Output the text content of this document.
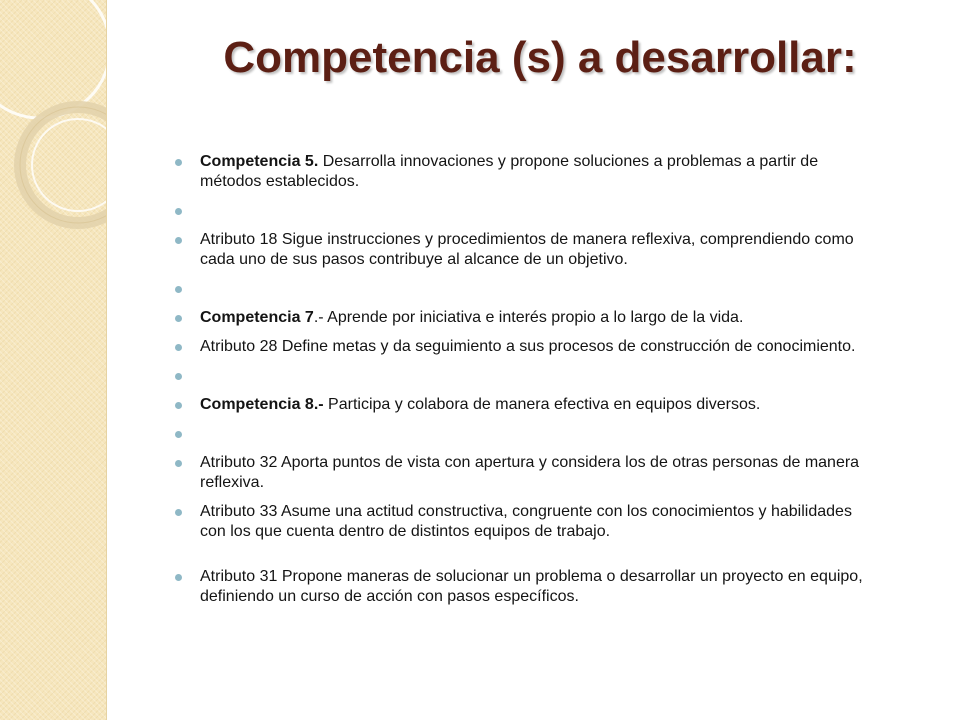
Competencia (s) a desarrollar:
Competencia 5. Desarrolla innovaciones y propone soluciones a problemas a partir de métodos establecidos.
Atributo 18 Sigue instrucciones y procedimientos de manera reflexiva, comprendiendo como cada uno de sus pasos contribuye al alcance de un objetivo.
Competencia 7.- Aprende por iniciativa e interés propio a lo largo de la vida.
Atributo 28 Define metas y da seguimiento a sus procesos de construcción de conocimiento.
Competencia 8.- Participa y colabora de manera efectiva en equipos diversos.
Atributo 32 Aporta puntos de vista con apertura y considera los de otras personas de manera reflexiva.
Atributo 33 Asume una actitud constructiva, congruente con los conocimientos y habilidades con los que cuenta dentro de distintos equipos de trabajo.
Atributo 31 Propone maneras de solucionar un problema o desarrollar un proyecto en equipo, definiendo un curso de acción con pasos específicos.
